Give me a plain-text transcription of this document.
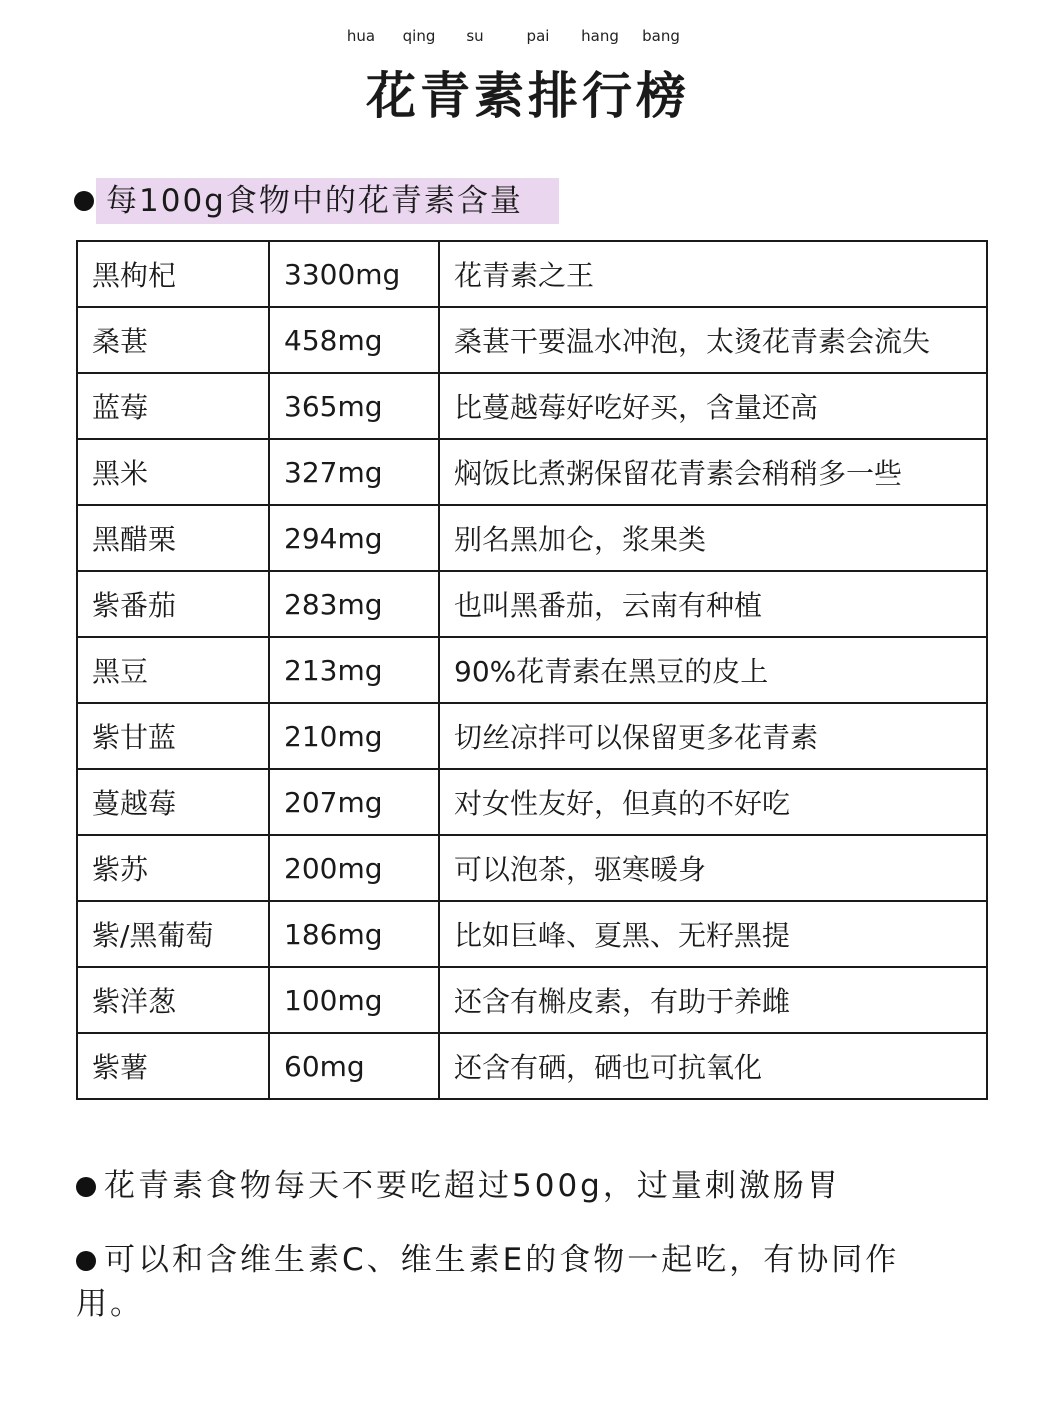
hua qing su	pai hang bang
花青素排行榜
每100g食物中的花青素含量
黑枸杞	3300mg	花青素之王
桑葚	458mg	桑葚干要温水冲泡，太烫花青素会流失
蓝莓	365mg	比蔓越莓好吃好买，含量还高
黑米	327mg	焖饭比煮粥保留花青素会稍稍多一些
黑醋栗	294mg	别名黑加仑，浆果类
紫番茄	283mg	也叫黑番茄，云南有种植
黑豆	213mg	90%花青素在黑豆的皮上
紫甘蓝	210mg	切丝凉拌可以保留更多花青素
蔓越莓	207mg	对女性友好，但真的不好吃
紫苏	200mg	可以泡茶，驱寒暖身
紫/黑葡萄	186mg	比如巨峰、夏黑、无籽黑提
紫洋葱	100mg	还含有槲皮素，有助于养雌
紫薯	60mg	还含有硒，硒也可抗氧化
花青素食物每天不要吃超过500g，过量刺激肠胃
可以和含维生素C、维生素E的食物一起吃，有协同作用。
